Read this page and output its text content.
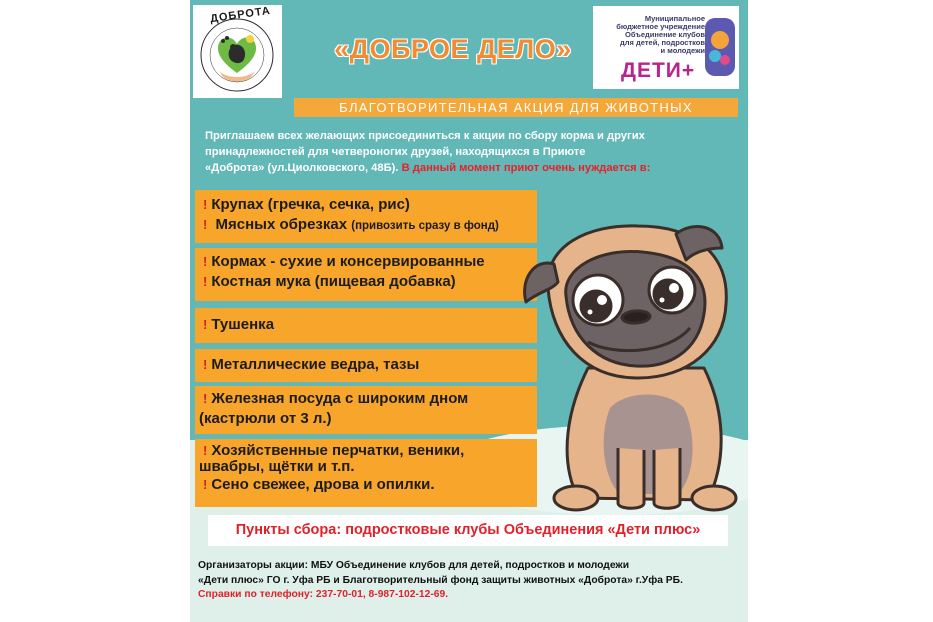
ДОБРОТА
«ДОБРОЕ ДЕЛО»
Муниципальное
бюджетное учреждение
Объединение клубов
для детей, подростков
и молодежи
ДЕТИ+
БЛАГОТВОРИТЕЛЬНАЯ АКЦИЯ ДЛЯ ЖИВОТНЫХ
Приглашаем всех желающих присоединиться к акции по сбору корма и других
принадлежностей для четвероногих друзей, находящихся в Приюте
«Доброта» (ул.Циолковского, 48Б). В данный момент приют очень нуждается в:
! Крупах (гречка, сечка, рис)
! Мясных обрезках (привозить сразу в фонд)
! Кормах - сухие и консервированные
! Костная мука (пищевая добавка)
! Тушенка
! Металлические ведра, тазы
! Железная посуда с широким дном
(кастрюли от 3 л.)
! Хозяйственные перчатки, веники,
швабры, щётки и т.п.
! Сено свежее, дрова и опилки.
Пункты сбора: подростковые клубы Объединения «Дети плюс»
Организаторы акции: МБУ Объединение клубов для детей, подростков и молодежи
«Дети плюс» ГО г. Уфа РБ и Благотворительный фонд защиты животных «Доброта» г.Уфа РБ.
Справки по телефону: 237-70-01, 8-987-102-12-69.
